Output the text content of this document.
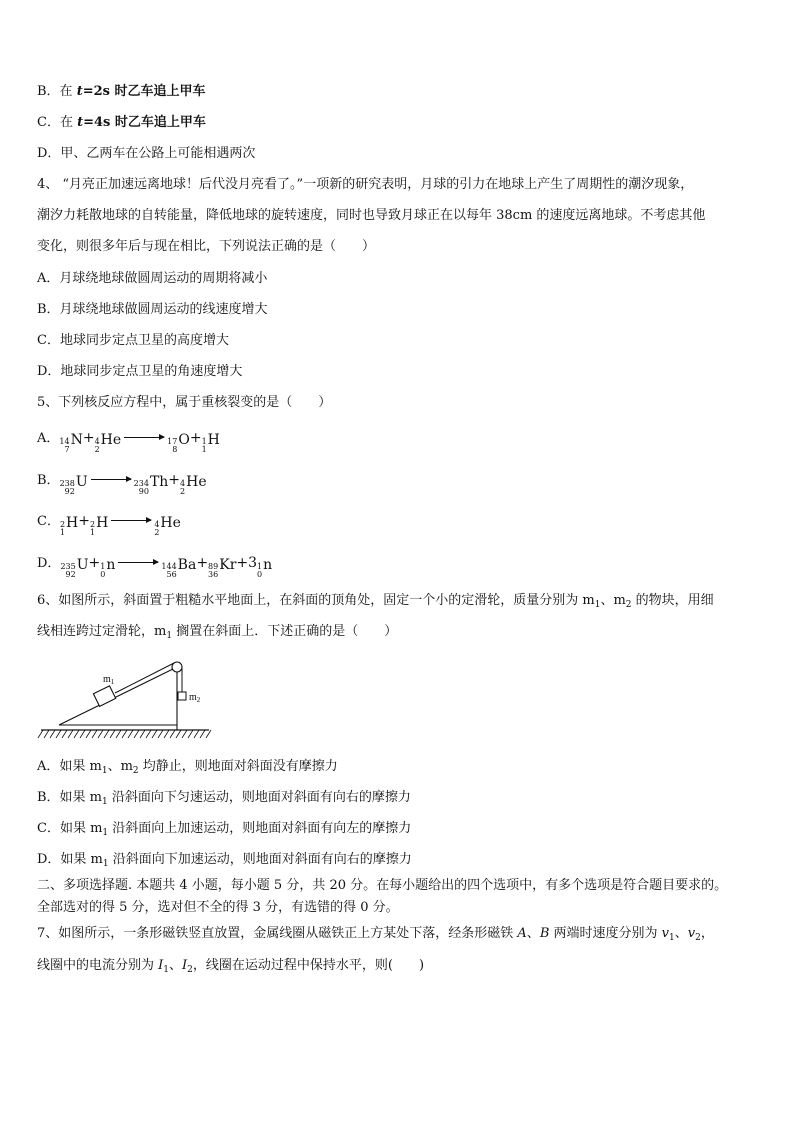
B．在 t=2s 时乙车追上甲车
C．在 t=4s 时乙车追上甲车
D．甲、乙两车在公路上可能相遇两次
4、 “月亮正加速远离地球！后代没月亮看了。”一项新的研究表明，月球的引力在地球上产生了周期性的潮汐现象，
潮汐力耗散地球的自转能量，降低地球的旋转速度，同时也导致月球正在以每年 38cm 的速度远离地球。不考虑其他
变化，则很多年后与现在相比，下列说法正确的是（　　）
A．月球绕地球做圆周运动的周期将减小
B．月球绕地球做圆周运动的线速度增大
C．地球同步定点卫星的高度增大
D．地球同步定点卫星的角速度增大
5、下列核反应方程中，属于重核裂变的是（　　）
A． 14
7
N+ 4
2
He → 17
8
O+ 1
1
H
B． 238
92
U → 234
90
Th+ 4
2
He
C． 2
1
H+ 2
1
H → 4
2
He
D． 235
92
U+ 1
0
n → 144
56
Ba+ 89
36
Kr+3 1
0
n
6、如图所示，斜面置于粗糙水平地面上，在斜面的顶角处，固定一个小的定滑轮，质量分别为 $m_1$、$m_2$ 的物块，用细
线相连跨过定滑轮，$m_1$ 搁置在斜面上．下述正确的是（　　）
$m_1$
$m_2$
A．如果 $m_1$、$m_2$ 均静止，则地面对斜面没有摩擦力
B．如果 $m_1$ 沿斜面向下匀速运动，则地面对斜面有向右的摩擦力
C．如果 $m_1$ 沿斜面向上加速运动，则地面对斜面有向左的摩擦力
D．如果 $m_1$ 沿斜面向下加速运动，则地面对斜面有向右的摩擦力
二、多项选择题. 本题共 4 小题，每小题 5 分，共 20 分。在每小题给出的四个选项中，有多个选项是符合题目要求的。
全部选对的得 5 分，选对但不全的得 3 分，有选错的得 0 分。
7、如图所示，一条形磁铁竖直放置，金属线圈从磁铁正上方某处下落，经条形磁铁 A、B 两端时速度分别为 $v_1$、$v_2$，
线圈中的电流分别为 $I_1$、$I_2$，线圈在运动过程中保持水平，则(　　)
